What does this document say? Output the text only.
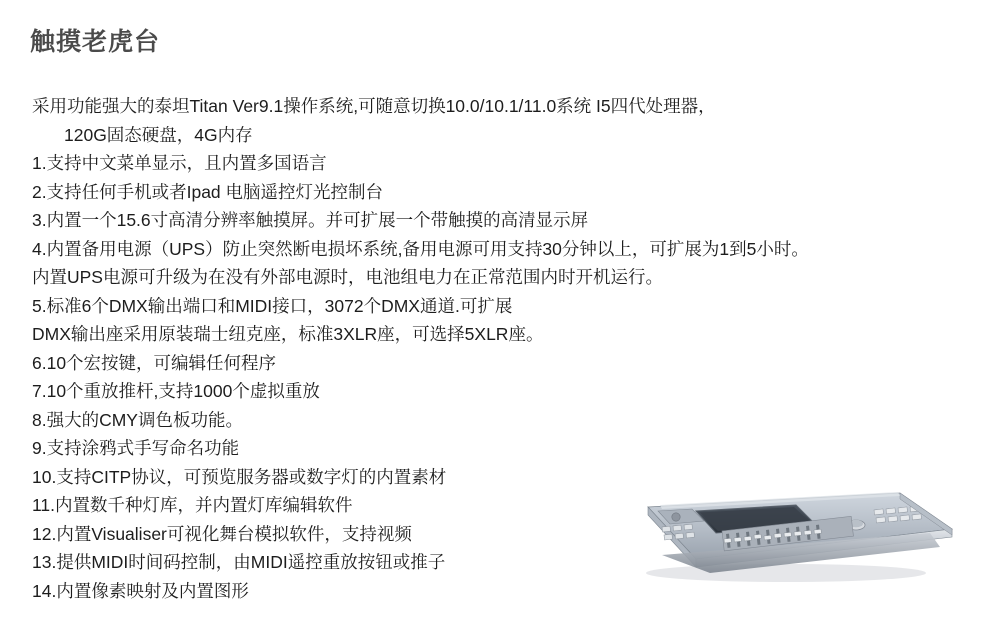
触摸老虎台
采用功能强大的泰坦Titan Ver9.1操作系统,可随意切换10.0/10.1/11.0系统 I5四代处理器，
120G固态硬盘，4G内存
1.支持中文菜单显示，且内置多国语言
2.支持任何手机或者Ipad 电脑遥控灯光控制台
3.内置一个15.6寸高清分辨率触摸屏。并可扩展一个带触摸的高清显示屏
4.内置备用电源（UPS）防止突然断电损坏系统,备用电源可用支持30分钟以上，可扩展为1到5小时。
内置UPS电源可升级为在没有外部电源时，电池组电力在正常范围内时开机运行。
5.标准6个DMX输出端口和MIDI接口，3072个DMX通道.可扩展
DMX输出座采用原装瑞士纽克座，标准3XLR座，可选择5XLR座。
6.10个宏按键，可编辑任何程序
7.10个重放推杆,支持1000个虚拟重放
8.强大的CMY调色板功能。
9.支持涂鸦式手写命名功能
10.支持CITP协议，可预览服务器或数字灯的内置素材
11.内置数千种灯库，并内置灯库编辑软件
12.内置Visualiser可视化舞台模拟软件，支持视频
13.提供MIDI时间码控制，由MIDI遥控重放按钮或推子
14.内置像素映射及内置图形
